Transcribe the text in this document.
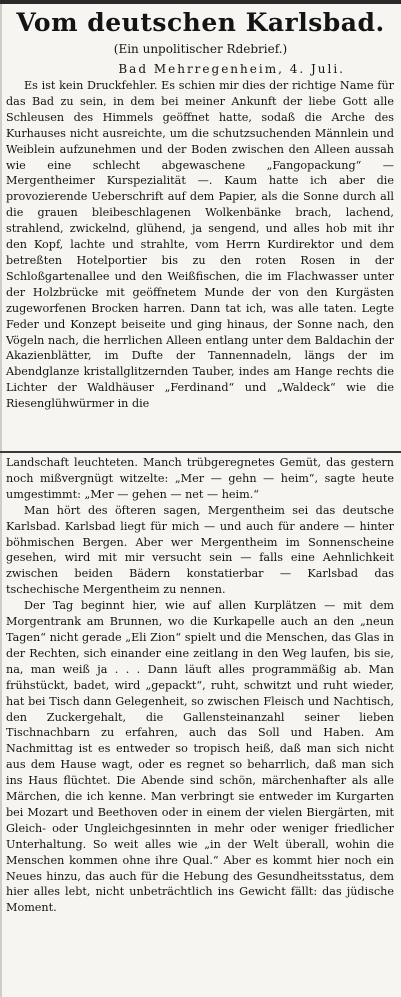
Vom deutschen Karlsbad.
(Ein unpolitischer Rdebrief.)
Bad Mehrregenheim, 4. Juli.

Es ist kein Druckfehler. Es schien mir dies der richtige Name für das Bad zu sein, in dem bei meiner Ankunft der liebe Gott alle Schleusen des Himmels geöffnet hatte, sodaß die Arche des Kurhauses nicht ausreichte, um die schutzsuchenden Männlein und Weiblein aufzunehmen und der Boden zwischen den Alleen aussah wie eine schlecht abgewaschene „Fangopackung“ — Mergentheimer Kurspezialität —. Kaum hatte ich aber die provozierende Ueberschrift auf dem Papier, als die Sonne durch all die grauen bleibeschlagenen Wolkenbänke brach, lachend, strahlend, zwickelnd, glühend, ja sengend, und alles hob mit ihr den Kopf, lachte und strahlte, vom Herrn Kurdirektor und dem betreßten Hotelportier bis zu den roten Rosen in der Schloßgartenallee und den Weißfischen, die im Flachwasser unter der Holzbrücke mit geöffnetem Munde der von den Kurgästen zugeworfenen Brocken harren. Dann tat ich, was alle taten. Legte Feder und Konzept beiseite und ging hinaus, der Sonne nach, den Vögeln nach, die herrlichen Alleen entlang unter dem Baldachin der Akazienblätter, im Dufte der Tannennadeln, längs der im Abendglanze kristallglitzernden Tauber, indes am Hange rechts die Lichter der Waldhäuser „Ferdinand“ und „Waldeck“ wie die Riesenglühwürmer in die

Landschaft leuchteten. Manch trübgeregnetes Gemüt, das gestern noch mißvergnügt witzelte: „Mer — gehn — heim“, sagte heute umgestimmt: „Mer — gehen — net — heim.“

Man hört des öfteren sagen, Mergentheim sei das deutsche Karlsbad. Karlsbad liegt für mich — und auch für andere — hinter böhmischen Bergen. Aber wer Mergentheim im Sonnenscheine gesehen, wird mit mir versucht sein — falls eine Aehnlichkeit zwischen beiden Bädern konstatierbar — Karlsbad das tschechische Mergentheim zu nennen.

Der Tag beginnt hier, wie auf allen Kurplätzen — mit dem Morgentrank am Brunnen, wo die Kurkapelle auch an den „neun Tagen“ nicht gerade „Eli Zion“ spielt und die Menschen, das Glas in der Rechten, sich einander eine zeitlang in den Weg laufen, bis sie, na, man weiß ja . . . Dann läuft alles programmäßig ab. Man frühstückt, badet, wird „gepackt“, ruht, schwitzt und ruht wieder, hat bei Tisch dann Gelegenheit, so zwischen Fleisch und Nachtisch, den Zuckergehalt, die Gallensteinanzahl seiner lieben Tischnachbarn zu erfahren, auch das Soll und Haben. Am Nachmittag ist es entweder so tropisch heiß, daß man sich nicht aus dem Hause wagt, oder es regnet so beharrlich, daß man sich ins Haus flüchtet. Die Abende sind schön, märchenhafter als alle Märchen, die ich kenne. Man verbringt sie entweder im Kurgarten bei Mozart und Beethoven oder in einem der vielen Biergärten, mit Gleich- oder Ungleichgesinnten in mehr oder weniger friedlicher Unterhaltung. So weit alles wie „in der Welt überall, wohin die Menschen kommen ohne ihre Qual.“ Aber es kommt hier noch ein Neues hinzu, das auch für die Hebung des Gesundheitsstatus, dem hier alles lebt, nicht unbeträchtlich ins Gewicht fällt: das jüdische Moment.
